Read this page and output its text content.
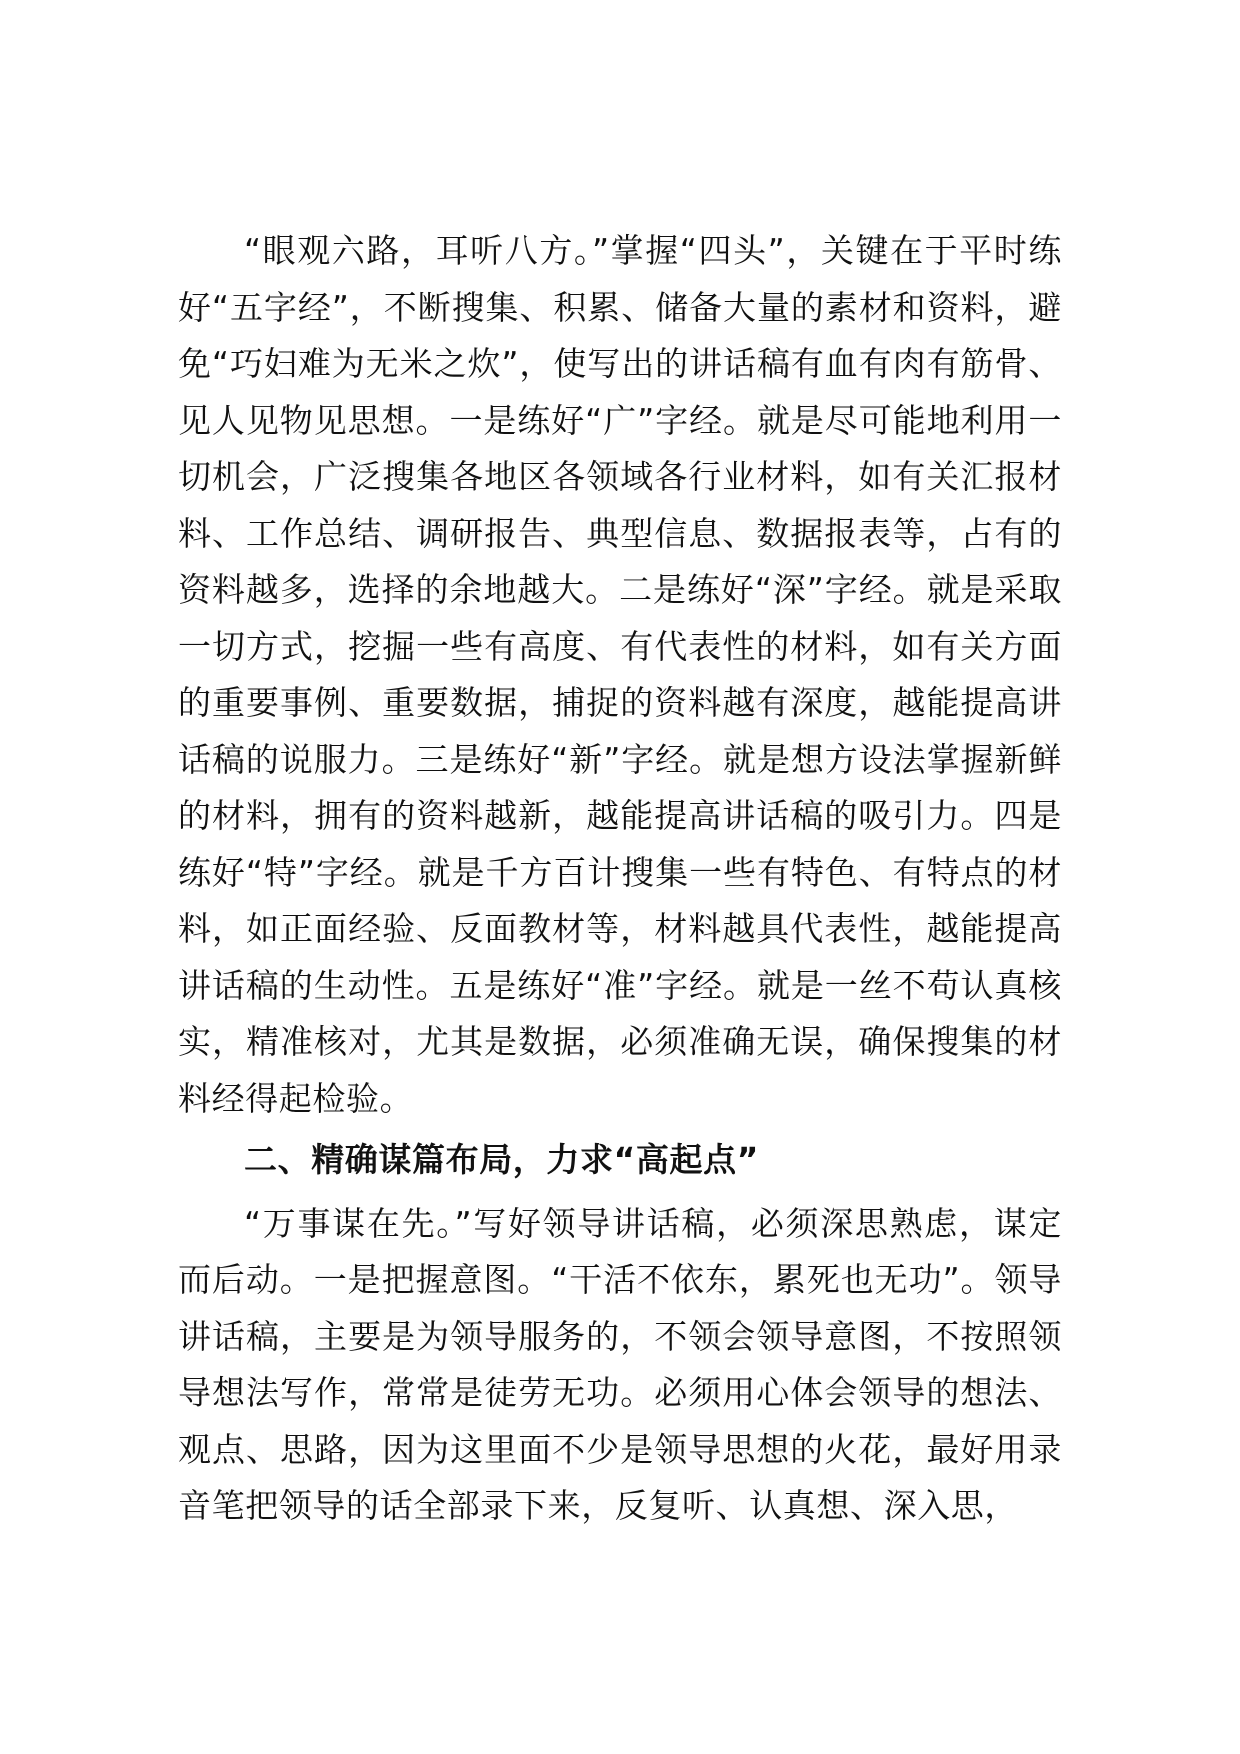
“眼观六路，耳听八方。”掌握“四头”，关键在于平时练好“五字经”，不断搜集、积累、储备大量的素材和资料，避免“巧妇难为无米之炊”，使写出的讲话稿有血有肉有筋骨、见人见物见思想。一是练好“广”字经。就是尽可能地利用一切机会，广泛搜集各地区各领域各行业材料，如有关汇报材料、工作总结、调研报告、典型信息、数据报表等，占有的资料越多，选择的余地越大。二是练好“深”字经。就是采取一切方式，挖掘一些有高度、有代表性的材料，如有关方面的重要事例、重要数据，捕捉的资料越有深度，越能提高讲话稿的说服力。三是练好“新”字经。就是想方设法掌握新鲜的材料，拥有的资料越新，越能提高讲话稿的吸引力。四是练好“特”字经。就是千方百计搜集一些有特色、有特点的材料，如正面经验、反面教材等，材料越具代表性，越能提高讲话稿的生动性。五是练好“准”字经。就是一丝不苟认真核实，精准核对，尤其是数据，必须准确无误，确保搜集的材料经得起检验。

二、精确谋篇布局，力求“高起点”

“万事谋在先。”写好领导讲话稿，必须深思熟虑，谋定而后动。一是把握意图。“干活不依东，累死也无功”。领导讲话稿，主要是为领导服务的，不领会领导意图，不按照领导想法写作，常常是徒劳无功。必须用心体会领导的想法、观点、思路，因为这里面不少是领导思想的火花，最好用录音笔把领导的话全部录下来，反复听、认真想、深入思，
